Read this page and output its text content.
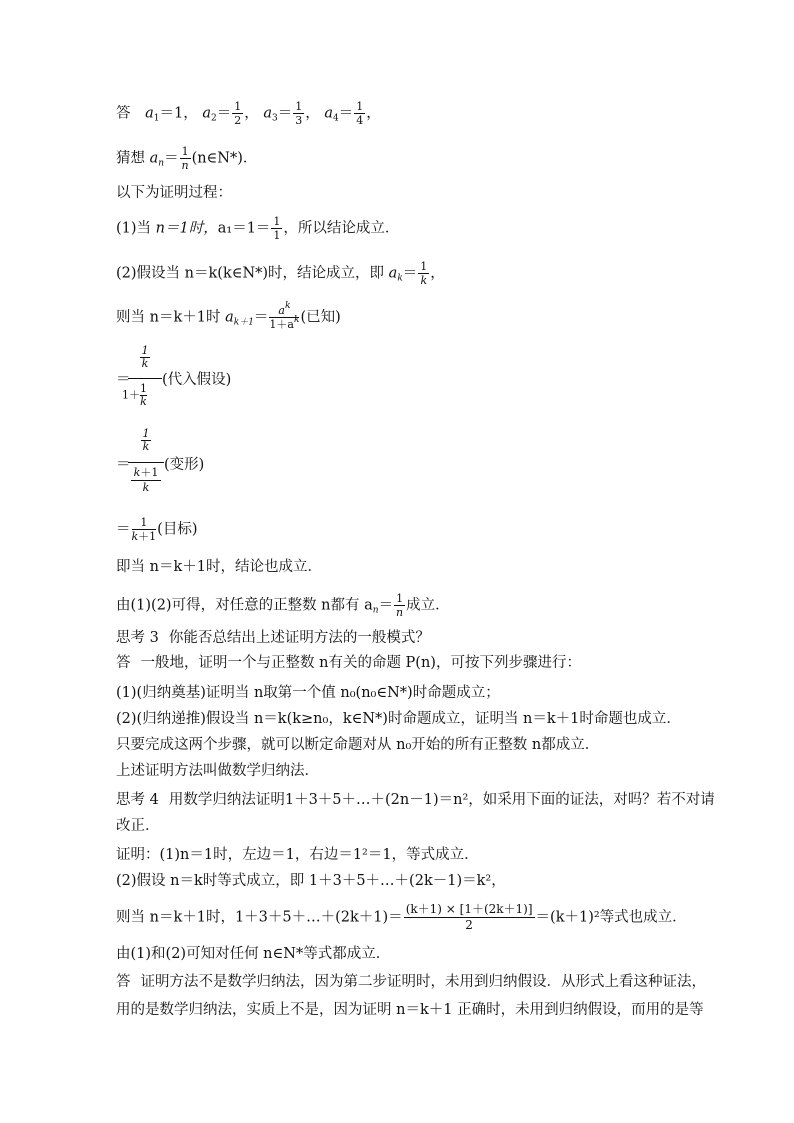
答 $a_1=1$， $a_2= \frac{1}{2}$ ， $a_3= \frac{1}{3}$ ， $a_4= \frac{1}{4}$ ，
猜想 $a_n= \frac{1}{n}$ (n∈N*)．
以下为证明过程：
(1)当 n＝1时，$a_1=1= \frac{1}{1}$ ，所以结论成立．
(2)假设当 n＝k(k∈N*)时，结论成立，即 $a_k= \frac{1}{k}$ ，
则当 n＝k＋1时 $a_{k+1}= \frac{a^k}{1+a^k}$ (已知)
＝
1
k
$1+ \frac{1}{k}$
(代入假设)
＝
1
k
k＋1
k
(变形)
＝ $\frac{1}{k+1}$ (目标)
即当 n＝k＋1时，结论也成立．
由(1)(2)可得，对任意的正整数 n都有 $a_n= \frac{1}{n}$ 成立．
思考 3 你能否总结出上述证明方法的一般模式？
答 一般地，证明一个与正整数 n有关的命题 P(n)，可按下列步骤进行：
(1)(归纳奠基)证明当 n取第一个值 n₀(n₀∈N*)时命题成立；
(2)(归纳递推)假设当 n＝k(k≥n₀，k∈N*)时命题成立，证明当 n＝k＋1时命题也成立．
只要完成这两个步骤，就可以断定命题对从 n₀开始的所有正整数 n都成立．
上述证明方法叫做数学归纳法．
思考 4 用数学归纳法证明1＋3＋5＋…＋(2n－1)＝n²，如采用下面的证法，对吗？若不对请
改正．
证明：(1)n＝1时，左边＝1，右边＝1²＝1，等式成立．
(2)假设 n＝k时等式成立，即 1＋3＋5＋…＋(2k－1)＝k²，
则当 n＝k＋1时，1＋3＋5＋…＋(2k＋1)＝ $\frac{(k+1) \times [1+(2k+1)]}{2} =(k+1)^2$等式也成立．
由(1)和(2)可知对任何 n∈N*等式都成立．
答 证明方法不是数学归纳法，因为第二步证明时，未用到归纳假设．从形式上看这种证法，
用的是数学归纳法，实质上不是，因为证明 n＝k＋1 正确时，未用到归纳假设，而用的是等
